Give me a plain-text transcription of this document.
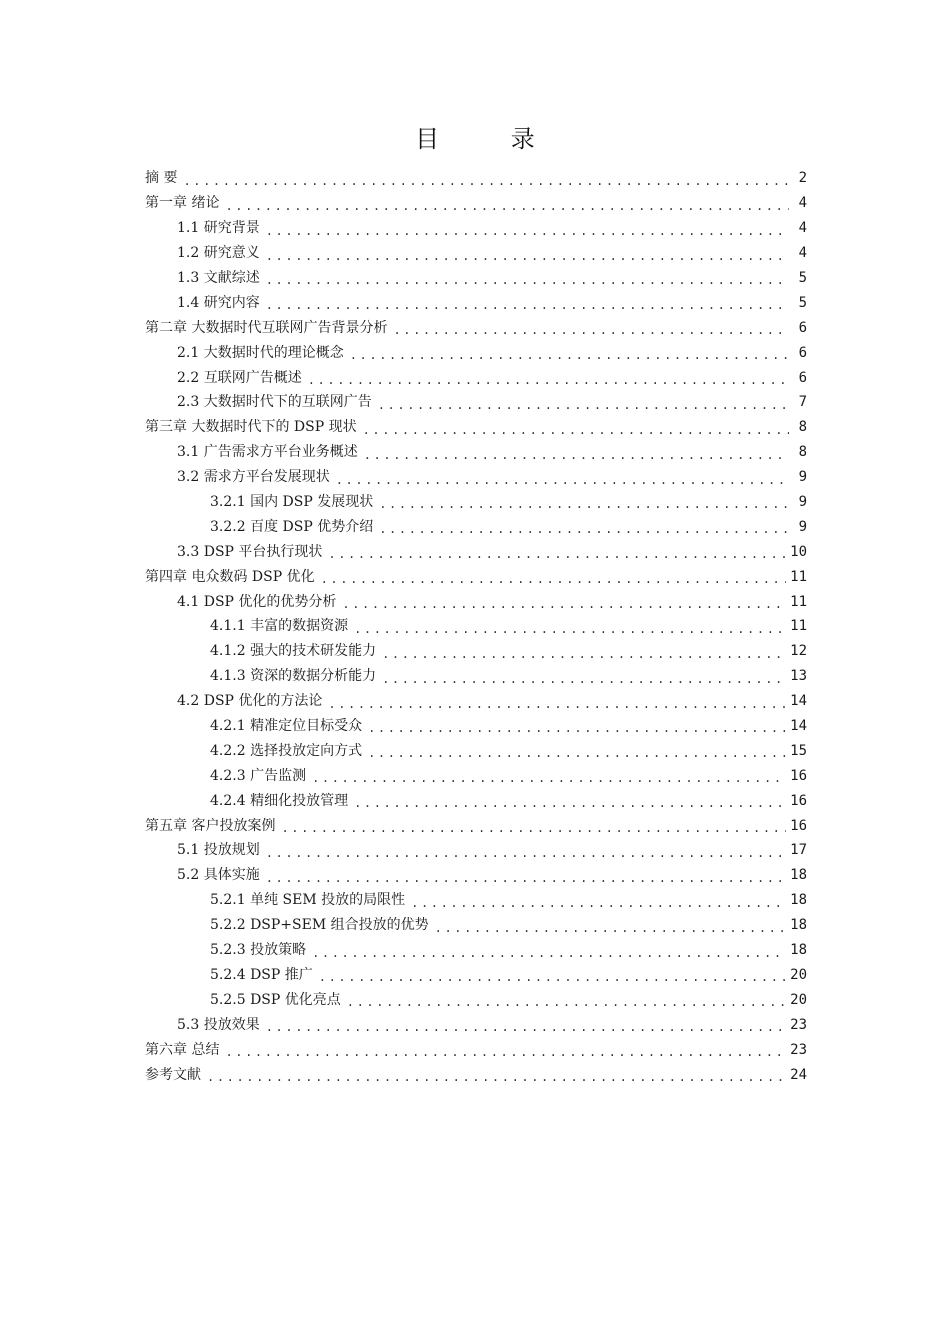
目 录
摘 要 .....	2
第一章 绪论 .....	4
1.1 研究背景 .....	4
1.2 研究意义 .....	4
1.3 文献综述 .....	5
1.4 研究内容 .....	5
第二章 大数据时代互联网广告背景分析 .....	6
2.1 大数据时代的理论概念 .....	6
2.2 互联网广告概述 .....	6
2.3 大数据时代下的互联网广告 .....	7
第三章 大数据时代下的 DSP 现状 .....	8
3.1 广告需求方平台业务概述 .....	8
3.2 需求方平台发展现状 .....	9
3.2.1 国内 DSP 发展现状 .....	9
3.2.2 百度 DSP 优势介绍 .....	9
3.3 DSP 平台执行现状 .....	10
第四章 电众数码 DSP 优化 .....	11
4.1 DSP 优化的优势分析 .....	11
4.1.1 丰富的数据资源 .....	11
4.1.2 强大的技术研发能力 .....	12
4.1.3 资深的数据分析能力 .....	13
4.2 DSP 优化的方法论 .....	14
4.2.1 精准定位目标受众 .....	14
4.2.2 选择投放定向方式 .....	15
4.2.3 广告监测 .....	16
4.2.4 精细化投放管理 .....	16
第五章 客户投放案例 .....	16
5.1 投放规划 .....	17
5.2 具体实施 .....	18
5.2.1 单纯 SEM 投放的局限性 .....	18
5.2.2 DSP+SEM 组合投放的优势 .....	18
5.2.3 投放策略 .....	18
5.2.4 DSP 推广 .....	20
5.2.5 DSP 优化亮点 .....	20
5.3 投放效果 .....	23
第六章 总结 .....	23
参考文献 .....	24
